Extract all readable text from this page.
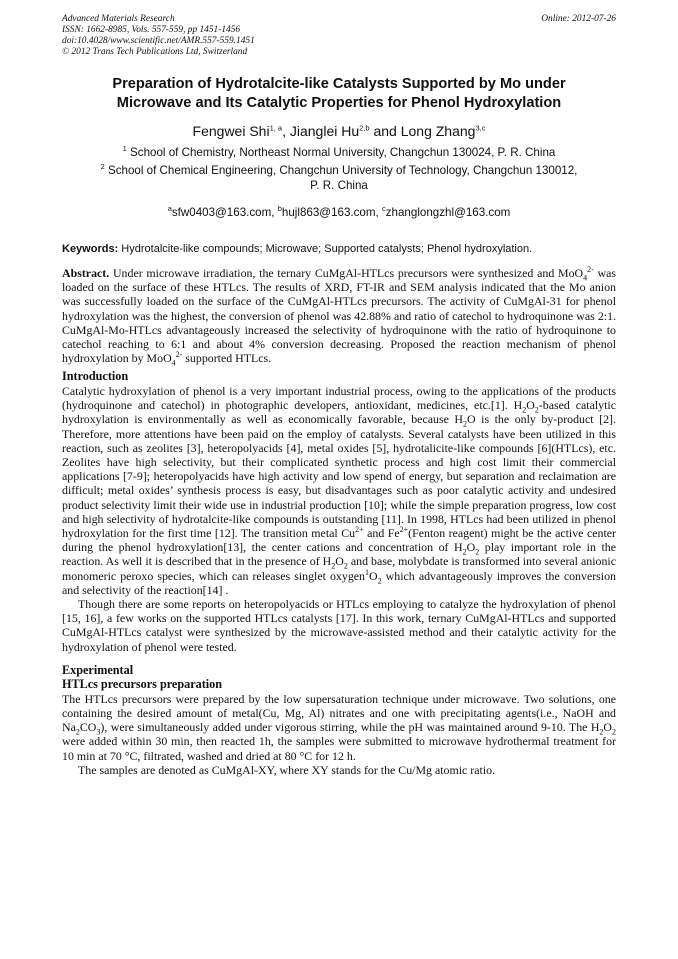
Advanced Materials Research
ISSN: 1662-8985, Vols. 557-559, pp 1451-1456
doi:10.4028/www.scientific.net/AMR.557-559.1451
© 2012 Trans Tech Publications Ltd, Switzerland
Online: 2012-07-26
Preparation of Hydrotalcite-like Catalysts Supported by Mo under
Microwave and Its Catalytic Properties for Phenol Hydroxylation
Fengwei Shi$^{1, a}$, Jianglei Hu$^{2,b}$ and Long Zhang$^{3,c}$
$^1$ School of Chemistry, Northeast Normal University, Changchun 130024, P. R. China
$^2$ School of Chemical Engineering, Changchun University of Technology, Changchun 130012,
P. R. China
$^a$sfw0403@163.com, $^b$hujl863@163.com, $^c$zhanglongzhl@163.com
Keywords: Hydrotalcite-like compounds; Microwave; Supported catalysts; Phenol hydroxylation.
Abstract. Under microwave irradiation, the ternary CuMgAl-HTLcs precursors were synthesized and MoO$_4^{2-}$ was loaded on the surface of these HTLcs. The results of XRD, FT-IR and SEM analysis indicated that the Mo anion was successfully loaded on the surface of the CuMgAl-HTLcs precursors. The activity of CuMgAl-31 for phenol hydroxylation was the highest, the conversion of phenol was 42.88% and ratio of catechol to hydroquinone was 2:1. CuMgAl-Mo-HTLcs advantageously increased the selectivity of hydroquinone with the ratio of hydroquinone to catechol reaching to 6:1 and about 4% conversion decreasing. Proposed the reaction mechanism of phenol hydroxylation by MoO$_4^{2-}$ supported HTLcs.
Introduction

Catalytic hydroxylation of phenol is a very important industrial process, owing to the applications of the products (hydroquinone and catechol) in photographic developers, antioxidant, medicines, etc.[1]. $H_2O_2$-based catalytic hydroxylation is environmentally as well as economically favorable, because $H_2O$ is the only by-product [2]. Therefore, more attentions have been paid on the employ of catalysts. Several catalysts have been utilized in this reaction, such as zeolites [3], heteropolyacids [4], metal oxides [5], hydrotalicite-like compounds [6](HTLcs), etc. Zeolites have high selectivity, but their complicated synthetic process and high cost limit their commercial applications [7-9]; heteropolyacids have high activity and low spend of energy, but separation and reclaimation are difficult; metal oxides’ synthesis process is easy, but disadvantages such as poor catalytic activity and undesired product selectivity limit their wide use in industrial production [10]; while the simple preparation progress, low cost and high selectivity of hydrotalcite-like compounds is outstanding [11]. In 1998, HTLcs had been utilized in phenol hydroxylation for the first time [12]. The transition metal $Cu^{2+}$ and $Fe^{2+}(Fenton$ reagent) might be the active center during the phenol hydroxylation[13], the center cations and concentration of $H_2O_2$ play important role in the reaction. As well it is described that in the presence of $H_2O_2$ and base, molybdate is transformed into several anionic monomeric peroxo species, which can releases singlet $oxygen^1O_2$ which advantageously improves the conversion and selectivity of the reaction[14] .

Though there are some reports on heteropolyacids or HTLcs employing to catalyze the hydroxylation of phenol [15, 16], a few works on the supported HTLcs catalysts [17]. In this work, ternary CuMgAl-HTLcs and supported CuMgAl-HTLcs catalyst were synthesized by the microwave-assisted method and their catalytic activity for the hydroxylation of phenol were tested.

Experimental
HTLcs precursors preparation

The HTLcs precursors were prepared by the low supersaturation technique under microwave. Two solutions, one containing the desired amount of metal(Cu, Mg, Al) nitrates and one with precipitating agents(i.e., NaOH and $Na_2CO_3$), were simultaneously added under vigorous stirring, while the pH was maintained around 9-10. The $H_2O_2$ were added within 30 min, then reacted 1h, the samples were submitted to microwave hydrothermal treatment for 10 min at 70 °C, filtrated, washed and dried at 80 °C for 12 h.

The samples are denoted as CuMgAl-XY, where XY stands for the Cu/Mg atomic ratio.
